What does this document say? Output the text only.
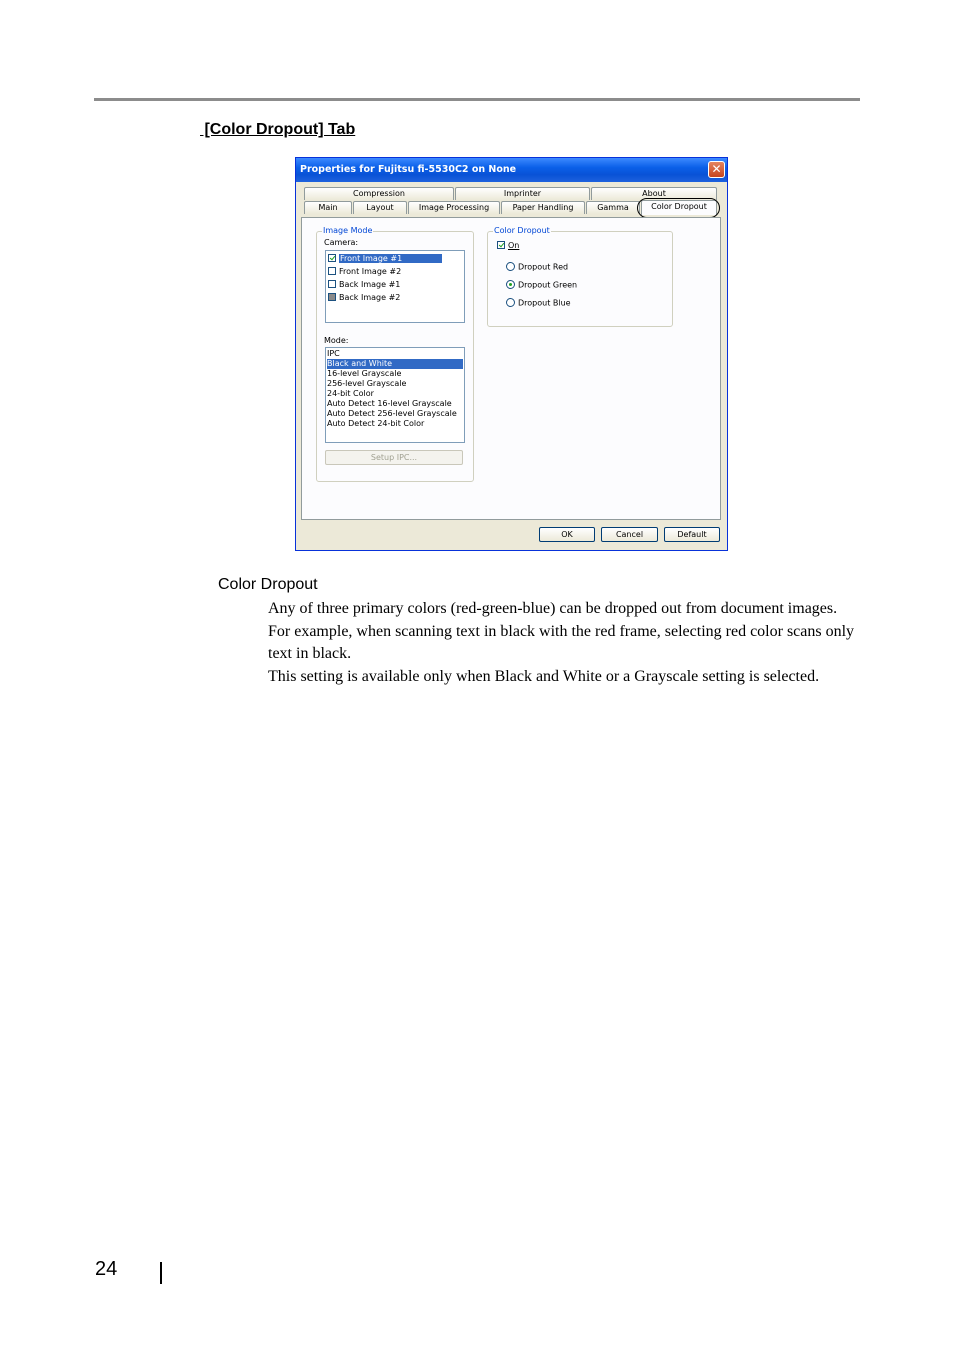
[Color Dropout] Tab
Properties for Fujitsu fi-5530C2 on None	✕
Compression	Imprinter	About
Main	Layout	Image Processing	Paper Handling	Gamma	Color Dropout
Image Mode
Camera:
Front Image #1
Front Image #2
Back Image #1
Back Image #2
Mode:
IPC
Black and White
16-level Grayscale
256-level Grayscale
24-bit Color
Auto Detect 16-level Grayscale
Auto Detect 256-level Grayscale
Auto Detect 24-bit Color
Setup IPC...
Color Dropout
On
Dropout Red
Dropout Green
Dropout Blue
OK	Cancel	Default
Color Dropout

Any of three primary colors (red-green-blue) can be dropped out from document images. For example, when scanning text in black with the red frame, selecting red color scans only text in black.

This setting is available only when Black and White or a Grayscale setting is selected.

24
